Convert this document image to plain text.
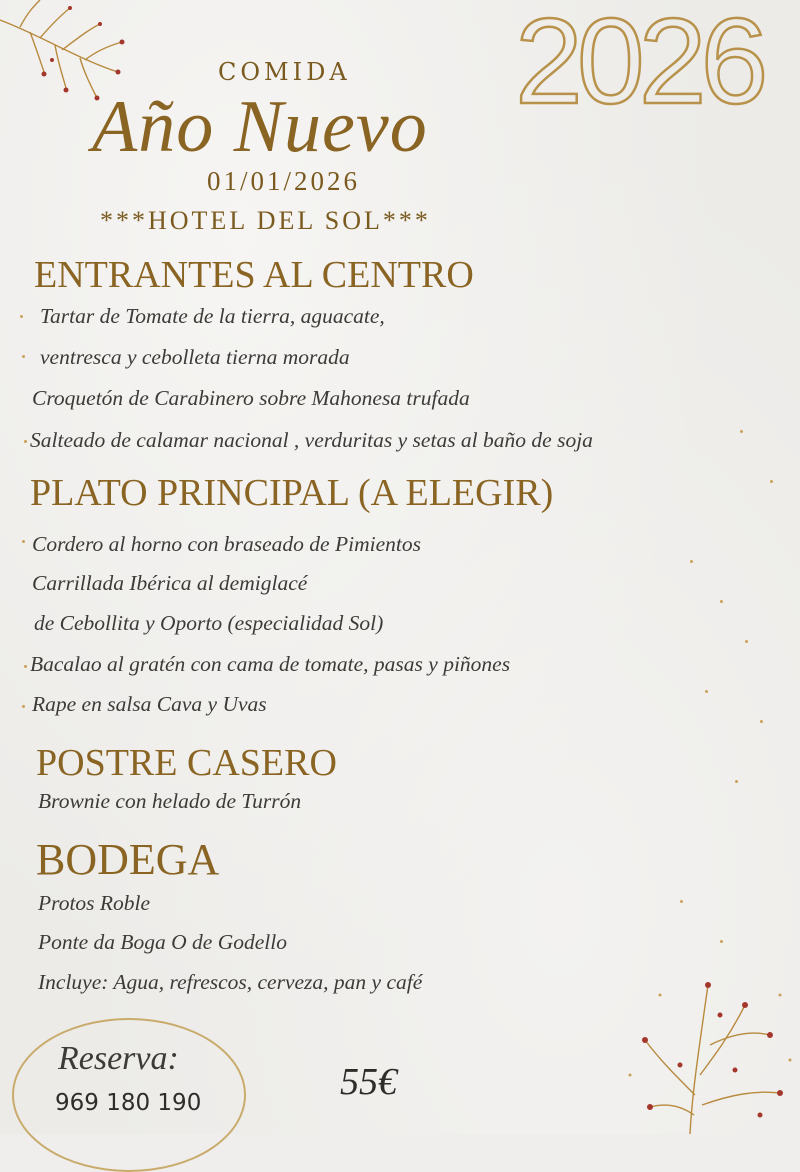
COMIDA
Año Nuevo
01/01/2026
***HOTEL DEL SOL***
2026
ENTRANTES AL CENTRO
Tartar de Tomate de la tierra, aguacate,
ventresca y cebolleta tierna morada
Croquetón de Carabinero sobre Mahonesa trufada
Salteado de calamar nacional , verduritas y setas al baño de soja
PLATO PRINCIPAL (A ELEGIR)
Cordero al horno con braseado de Pimientos
Carrillada Ibérica al demiglacé
de Cebollita y Oporto (especialidad Sol)
Bacalao al gratén con cama de tomate, pasas y piñones
Rape en salsa Cava y Uvas
POSTRE CASERO
Brownie con helado de Turrón
BODEGA
Protos Roble
Ponte da Boga O de Godello
Incluye: Agua, refrescos, cerveza, pan y café
Reserva:
969 180 190	55€
